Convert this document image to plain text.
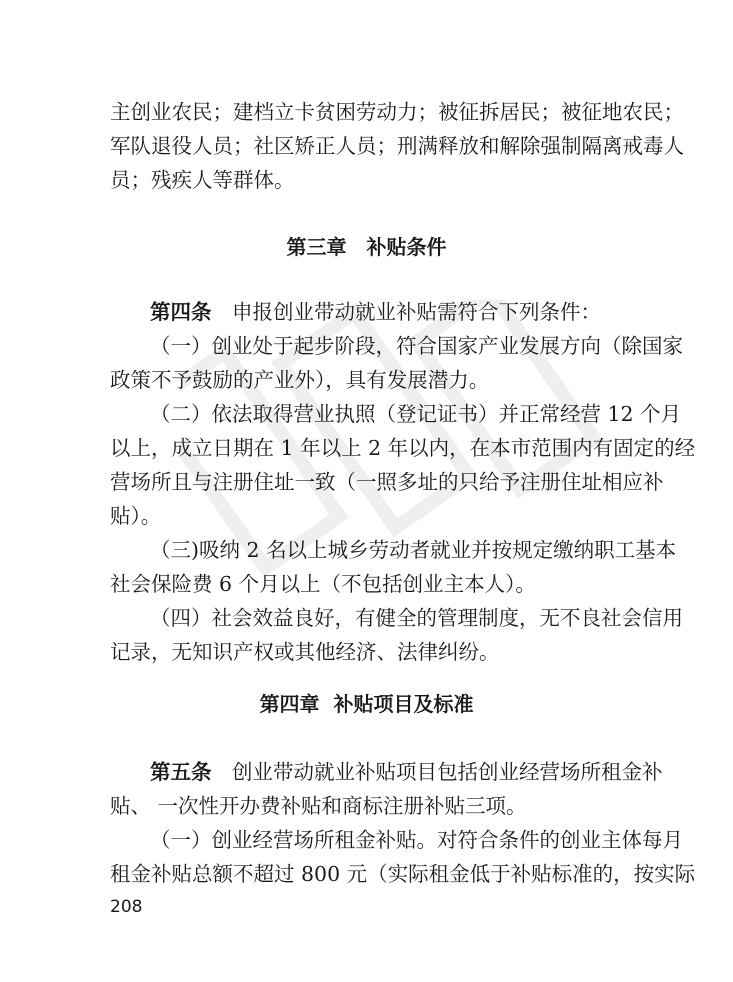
主创业农民；建档立卡贫困劳动力；被征拆居民；被征地农民；
军队退役人员；社区矫正人员；刑满释放和解除强制隔离戒毒人
员；残疾人等群体。
第三章　补贴条件
第四条　申报创业带动就业补贴需符合下列条件：
（一）创业处于起步阶段，符合国家产业发展方向（除国家
政策不予鼓励的产业外），具有发展潜力。
（二）依法取得营业执照（登记证书）并正常经营 12 个月
以上，成立日期在 1 年以上 2 年以内，在本市范围内有固定的经
营场所且与注册住址一致（一照多址的只给予注册住址相应补
贴）。
（三)吸纳 2 名以上城乡劳动者就业并按规定缴纳职工基本
社会保险费 6 个月以上（不包括创业主本人）。
（四）社会效益良好，有健全的管理制度，无不良社会信用
记录，无知识产权或其他经济、法律纠纷。
第四章  补贴项目及标准
第五条　创业带动就业补贴项目包括创业经营场所租金补
贴、 一次性开办费补贴和商标注册补贴三项。
（一）创业经营场所租金补贴。对符合条件的创业主体每月
租金补贴总额不超过 800 元（实际租金低于补贴标准的，按实际
208
